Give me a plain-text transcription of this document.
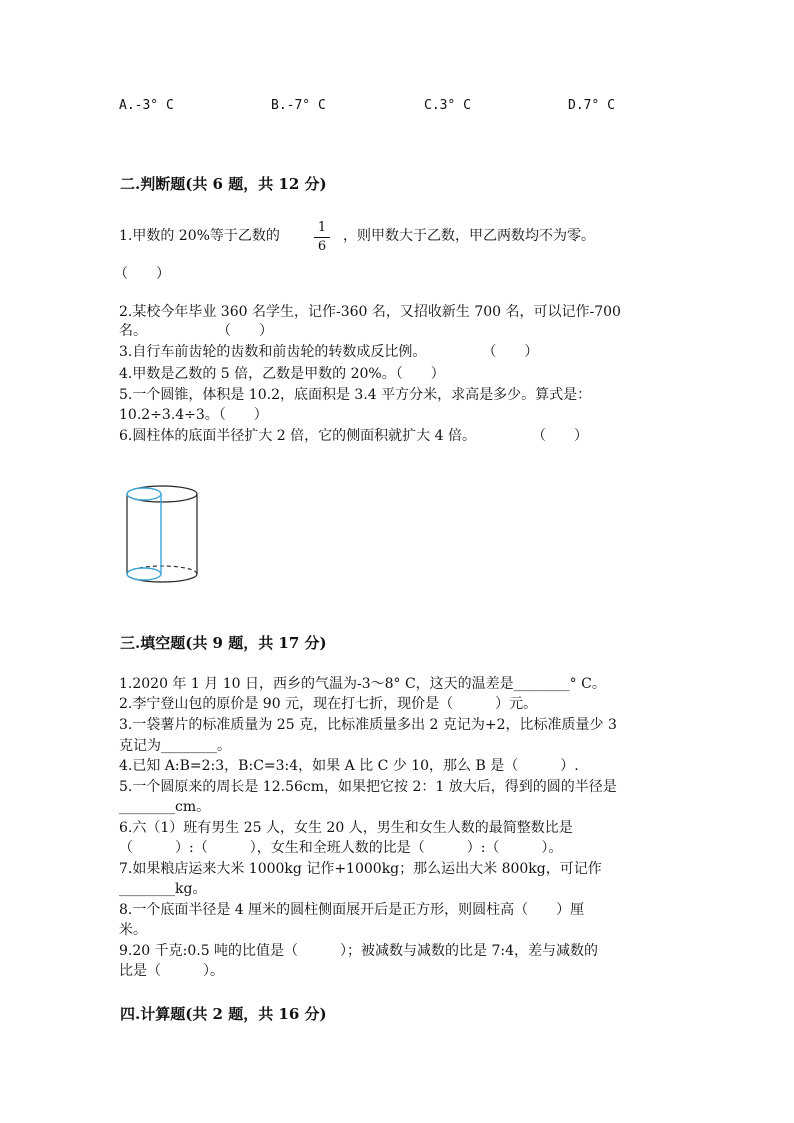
A.-3° C	B.-7° C	C.3° C	D.7° C
二.判断题(共 6 题，共 12 分)
1.甲数的 20%等于乙数的
1
6
，则甲数大于乙数，甲乙两数均不为零。
（　　）
2.某校今年毕业 360 名学生，记作-360 名，又招收新生 700 名，可以记作-700
名。　　　　　　（　　）
3.自行车前齿轮的齿数和前齿轮的转数成反比例。　　　　　（　　）
4.甲数是乙数的 5 倍，乙数是甲数的 20%。（　　）
5.一个圆锥，体积是 10.2，底面积是 3.4 平方分米，求高是多少。算式是：
10.2÷3.4÷3。（　　）
6.圆柱体的底面半径扩大 2 倍，它的侧面积就扩大 4 倍。　　　　　（　　）
三.填空题(共 9 题，共 17 分)
1.2020 年 1 月 10 日，西乡的气温为-3～8° C，这天的温差是________° C。
2.李宁登山包的原价是 90 元，现在打七折，现价是（　　　）元。
3.一袋薯片的标准质量为 25 克，比标准质量多出 2 克记为+2，比标准质量少 3
克记为________。
4.已知 A:B=2:3，B:C=3:4，如果 A 比 C 少 10，那么 B 是（　　　）.
5.一个圆原来的周长是 12.56cm，如果把它按 2：1 放大后，得到的圆的半径是
________cm。
6.六（1）班有男生 25 人，女生 20 人，男生和女生人数的最简整数比是
（　　　）:（　　　），女生和全班人数的比是（　　　）:（　　　）。
7.如果粮店运来大米 1000kg 记作+1000kg；那么运出大米 800kg，可记作
________kg。
8.一个底面半径是 4 厘米的圆柱侧面展开后是正方形，则圆柱高（　　）厘
米。
9.20 千克:0.5 吨的比值是（　　　）；被减数与减数的比是 7:4，差与减数的
比是（　　　）。
四.计算题(共 2 题，共 16 分)
